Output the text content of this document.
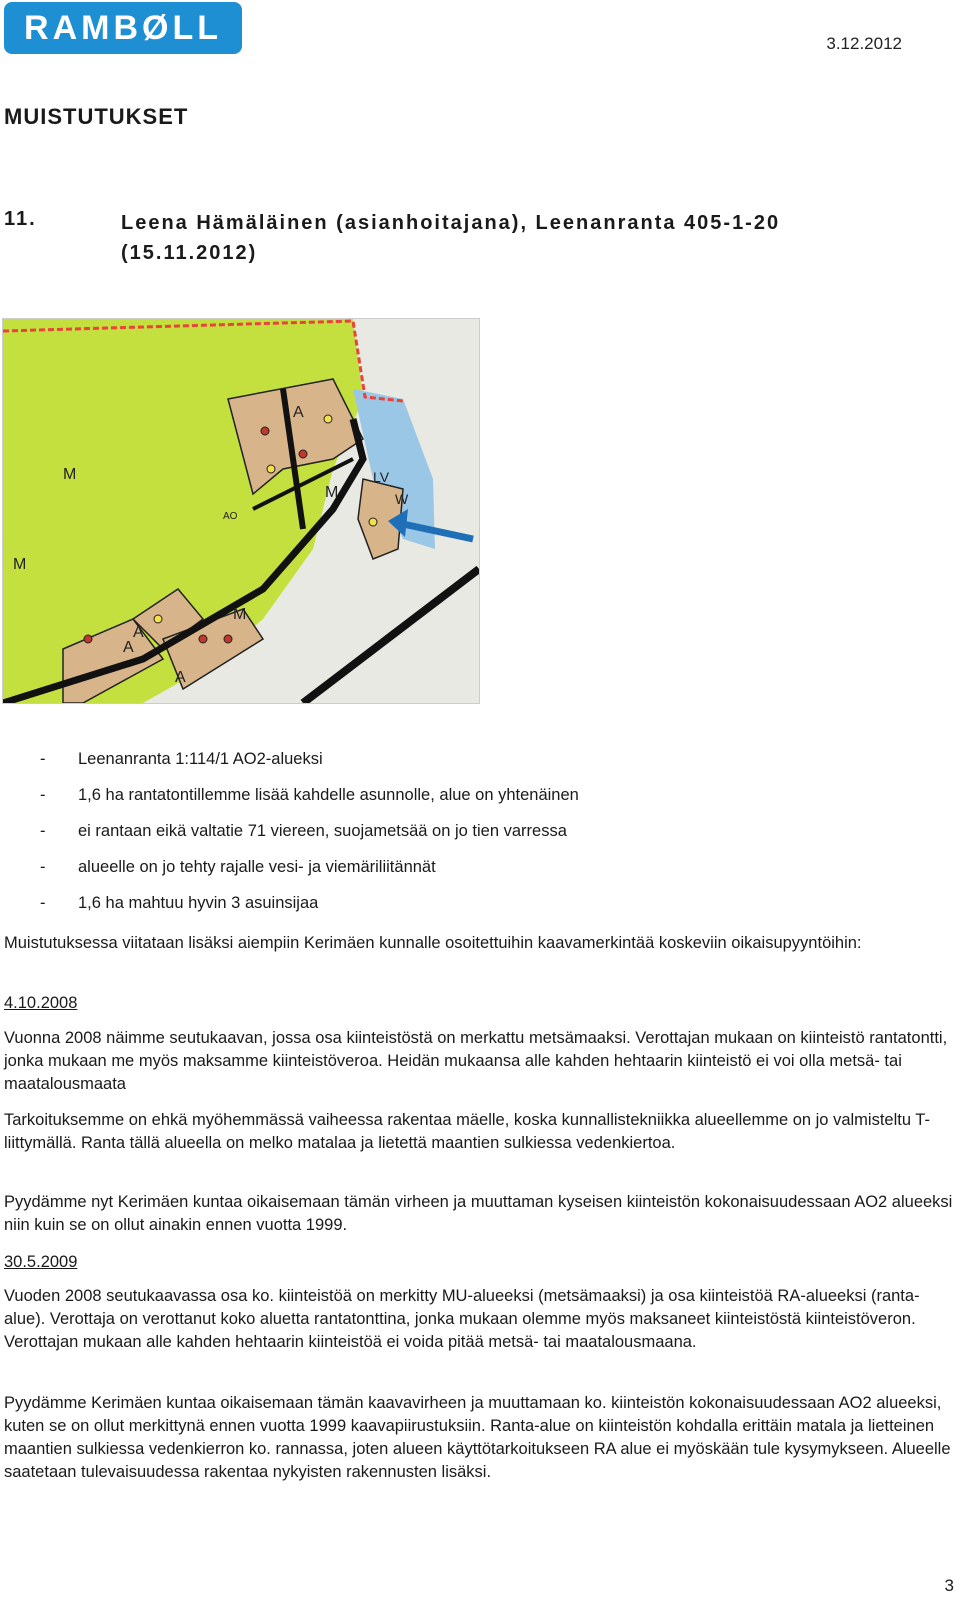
RAMBØLL	3.12.2012
MUISTUTUKSET
11.	Leena Hämäläinen (asianhoitajana), Leenanranta 405-1-20 (15.11.2012)
M
M
M
A
A
A
A
LV
W
M
AO
-	Leenanranta 1:114/1 AO2-alueksi
-	1,6 ha rantatontillemme lisää kahdelle asunnolle, alue on yhtenäinen
-	ei rantaan eikä valtatie 71 viereen, suojametsää on jo tien varressa
-	alueelle on jo tehty rajalle vesi- ja viemäriliitännät
-	1,6 ha mahtuu hyvin 3 asuinsijaa

Muistutuksessa viitataan lisäksi aiempiin Kerimäen kunnalle osoitettuihin kaavamerkintää koskeviin oikaisupyyntöihin:

4.10.2008

Vuonna 2008 näimme seutukaavan, jossa osa kiinteistöstä on merkattu metsämaaksi. Verottajan mukaan on kiinteistö rantatontti, jonka mukaan me myös maksamme kiinteistöveroa. Heidän mukaansa alle kahden hehtaarin kiinteistö ei voi olla metsä- tai maatalousmaata

Tarkoituksemme on ehkä myöhemmässä vaiheessa rakentaa mäelle, koska kunnallistekniikka alueellemme on jo valmisteltu T-liittymällä. Ranta tällä alueella on melko matalaa ja lietettä maantien sulkiessa vedenkiertoa.

Pyydämme nyt Kerimäen kuntaa oikaisemaan tämän virheen ja muuttaman kyseisen kiinteistön kokonaisuudessaan AO2 alueeksi niin kuin se on ollut ainakin ennen vuotta 1999.

30.5.2009

Vuoden 2008 seutukaavassa osa ko. kiinteistöä on merkitty MU-alueeksi (metsämaaksi) ja osa kiinteistöä RA-alueeksi (ranta-alue). Verottaja on verottanut koko aluetta rantatonttina, jonka mukaan olemme myös maksaneet kiinteistöstä kiinteistöveron. Verottajan mukaan alle kahden hehtaarin kiinteistöä ei voida pitää metsä- tai maatalousmaana.

Pyydämme Kerimäen kuntaa oikaisemaan tämän kaavavirheen ja muuttamaan ko. kiinteistön kokonaisuudessaan AO2 alueeksi, kuten se on ollut merkittynä ennen vuotta 1999 kaavapiirustuksiin. Ranta-alue on kiinteistön kohdalla erittäin matala ja lietteinen maantien sulkiessa vedenkierron ko. rannassa, joten alueen käyttötarkoitukseen RA alue ei myöskään tule kysymykseen. Alueelle saatetaan tulevaisuudessa rakentaa nykyisten rakennusten lisäksi.

3
